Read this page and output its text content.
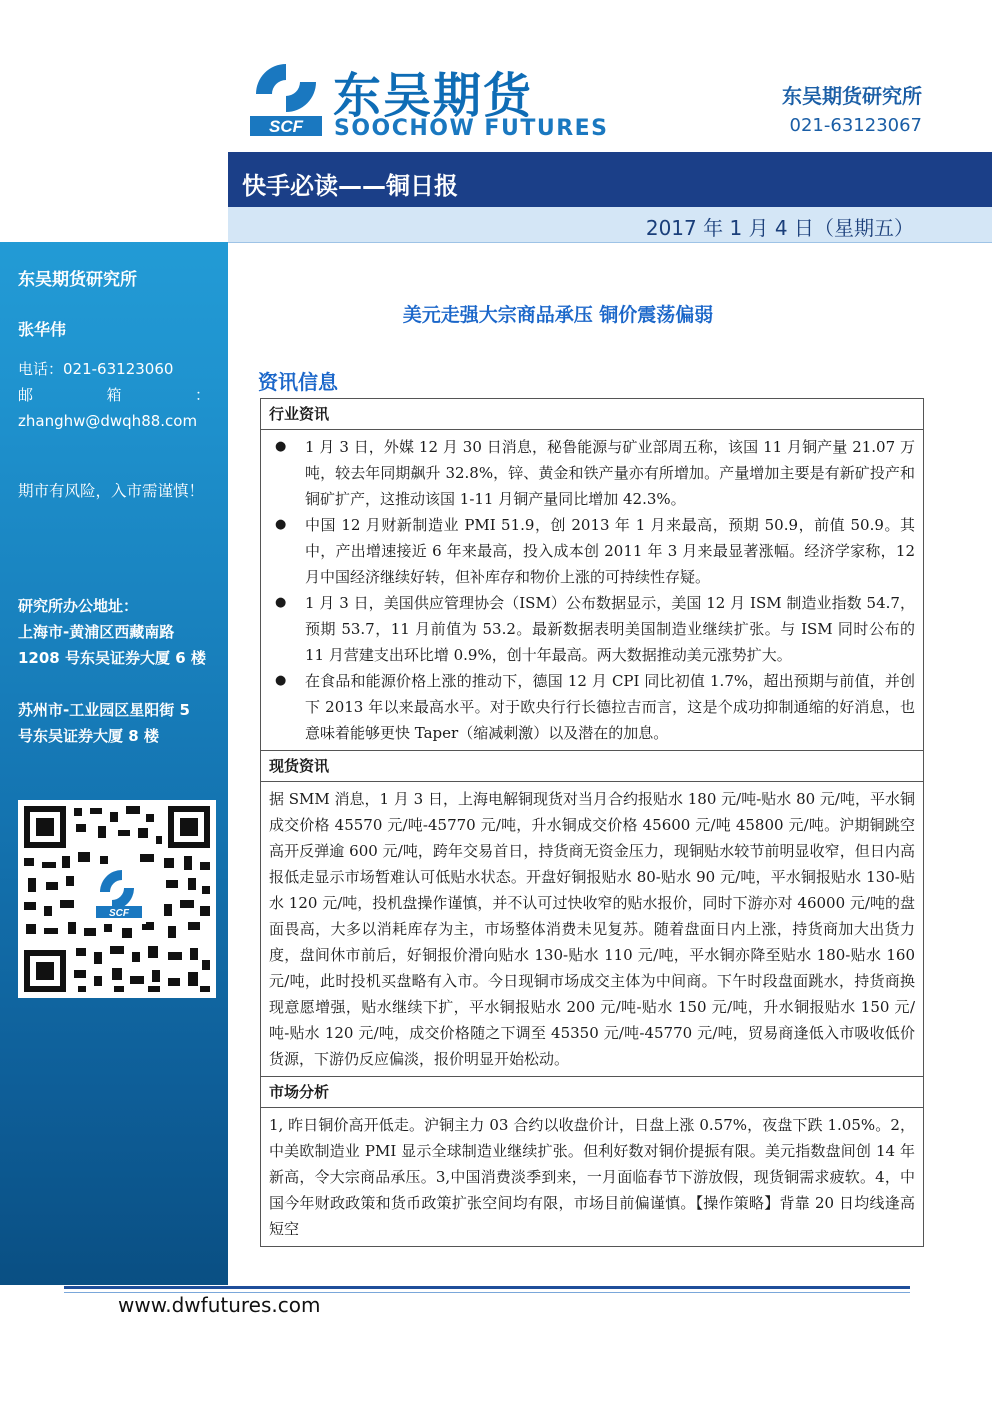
东吴期货研究所
张华伟
电话：021-63123060
邮	箱	：
zhanghw@dwqh88.com
期市有风险，入市需谨慎！
研究所办公地址：
上海市-黄浦区西藏南路
1208 号东吴证券大厦 6 楼
苏州市-工业园区星阳街 5
号东吴证券大厦 8 楼
SCF
SCF
东吴期货
SOOCHOW FUTURES
东吴期货研究所
021-63123067
快手必读——铜日报
2017 年 1 月 4 日（星期五）
美元走强大宗商品承压 铜价震荡偏弱
资讯信息
行业资讯
● 1 月 3 日，外媒 12 月 30 日消息，秘鲁能源与矿业部周五称，该国 11 月铜产量 21.07 万吨，较去年同期飙升 32.8%，锌、黄金和铁产量亦有所增加。产量增加主要是有新矿投产和铜矿扩产，这推动该国 1-11 月铜产量同比增加 42.3%。
● 中国 12 月财新制造业 PMI 51.9，创 2013 年 1 月来最高，预期 50.9，前值 50.9。其中，产出增速接近 6 年来最高，投入成本创 2011 年 3 月来最显著涨幅。经济学家称，12 月中国经济继续好转，但补库存和物价上涨的可持续性存疑。
● 1 月 3 日，美国供应管理协会（ISM）公布数据显示，美国 12 月 ISM 制造业指数 54.7，预期 53.7，11 月前值为 53.2。最新数据表明美国制造业继续扩张。与 ISM 同时公布的 11 月营建支出环比增 0.9%，创十年最高。两大数据推动美元涨势扩大。
● 在食品和能源价格上涨的推动下，德国 12 月 CPI 同比初值 1.7%，超出预期与前值，并创下 2013 年以来最高水平。对于欧央行行长德拉吉而言，这是个成功抑制通缩的好消息，也意味着能够更快 Taper（缩减刺激）以及潜在的加息。
现货资讯
据 SMM 消息，1 月 3 日，上海电解铜现货对当月合约报贴水 180 元/吨-贴水 80 元/吨，平水铜成交价格 45570 元/吨-45770 元/吨，升水铜成交价格 45600 元/吨 45800 元/吨。沪期铜跳空高开反弹逾 600 元/吨，跨年交易首日，持货商无资金压力，现铜贴水较节前明显收窄，但日内高报低走显示市场暂难认可低贴水状态。开盘好铜报贴水 80-贴水 90 元/吨，平水铜报贴水 130-贴水 120 元/吨，投机盘操作谨慎，并不认可过快收窄的贴水报价，同时下游亦对 46000 元/吨的盘面畏高，大多以消耗库存为主，市场整体消费未见复苏。随着盘面日内上涨，持货商加大出货力度，盘间休市前后，好铜报价滑向贴水 130-贴水 110 元/吨，平水铜亦降至贴水 180-贴水 160 元/吨，此时投机买盘略有入市。今日现铜市场成交主体为中间商。下午时段盘面跳水，持货商换现意愿增强，贴水继续下扩，平水铜报贴水 200 元/吨-贴水 150 元/吨，升水铜报贴水 150 元/吨-贴水 120 元/吨，成交价格随之下调至 45350 元/吨-45770 元/吨，贸易商逢低入市吸收低价货源，下游仍反应偏淡，报价明显开始松动。
市场分析
1, 昨日铜价高开低走。沪铜主力 03 合约以收盘价计，日盘上涨 0.57%，夜盘下跌 1.05%。2，中美欧制造业 PMI 显示全球制造业继续扩张。但利好数对铜价提振有限。美元指数盘间创 14 年新高，令大宗商品承压。3,中国消费淡季到来，一月面临春节下游放假，现货铜需求疲软。4，中国今年财政政策和货币政策扩张空间均有限，市场目前偏谨慎。【操作策略】背靠 20 日均线逢高短空
www.dwfutures.com
